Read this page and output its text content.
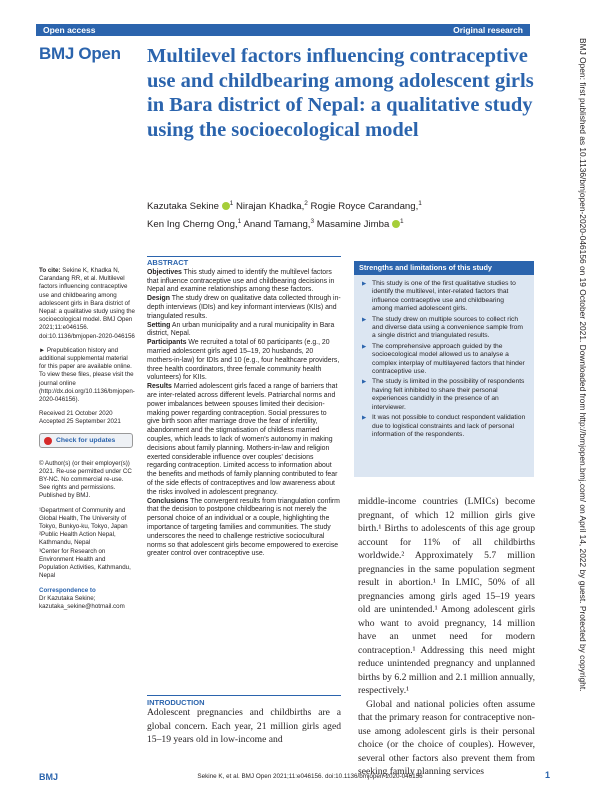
Open access	Original research
BMJ Open Multilevel factors influencing contraceptive use and childbearing among adolescent girls in Bara district of Nepal: a qualitative study using the socioecological model
Kazutaka Sekine $^1$ Nirajan Khadka,$^2$ Rogie Royce Carandang,$^1$
Ken Ing Cherng Ong,$^1$ Anand Tamang,$^3$ Masamine Jimba $^1$

To cite: Sekine K, Khadka N, Carandang RR, et al. Multilevel factors influencing contraceptive use and childbearing among adolescent girls in Bara district of Nepal: a qualitative study using the socioecological model. BMJ Open 2021;11:e046156. doi:10.1136/bmjopen-2020-046156

► Prepublication history and additional supplemental material for this paper are available online. To view these files, please visit the journal online (http://dx.doi.org/10.1136/bmjopen-2020-046156).

Received 21 October 2020
Accepted 25 September 2021

Check for updates

© Author(s) (or their employer(s)) 2021. Re-use permitted under CC BY-NC. No commercial re-use. See rights and permissions. Published by BMJ.

¹Department of Community and Global Health, The University of Tokyo, Bunkyo-ku, Tokyo, Japan
²Public Health Action Nepal, Kathmandu, Nepal
³Center for Research on Environment Health and Population Activities, Kathmandu, Nepal

Correspondence to
Dr Kazutaka Sekine;
kazutaka_sekine@hotmail.com

ABSTRACT

Objectives This study aimed to identify the multilevel factors that influence contraceptive use and childbearing decisions in Nepal and examine relationships among these factors.

Design The study drew on qualitative data collected through in-depth interviews (IDIs) and key informant interviews (KIIs) and triangulated results.

Setting An urban municipality and a rural municipality in Bara district, Nepal.

Participants We recruited a total of 60 participants (e.g., 20 married adolescent girls aged 15–19, 20 husbands, 20 mothers-in-law) for IDIs and 10 (e.g., four healthcare providers, three health coordinators, three female community health volunteers) for KIIs.

Results Married adolescent girls faced a range of barriers that are inter-related across different levels. Patriarchal norms and power imbalances between spouses limited their decision-making power regarding contraception. Social pressures to give birth soon after marriage drove the fear of infertility, abandonment and the stigmatisation of childless married couples, which leads to lack of women's autonomy in making decisions about family planning. Mothers-in-law and religion exerted considerable influence over couples' decisions regarding contraception. Limited access to information about the benefits and methods of family planning contributed to fear of the side effects of contraceptives and low awareness about the risks involved in adolescent pregnancy.

Conclusions The convergent results from triangulation confirm that the decision to postpone childbearing is not merely the personal choice of an individual or a couple, highlighting the importance of targeting families and communities. The study underscores the need to challenge restrictive sociocultural norms so that adolescent girls become empowered to exercise greater control over contraceptive use.

Strengths and limitations of this study
▶ This study is one of the first qualitative studies to identify the multilevel, inter-related factors that influence contraceptive use and childbearing among married adolescent girls.
▶ The study drew on multiple sources to collect rich and diverse data using a convenience sample from a single district and triangulated results.
▶ The comprehensive approach guided by the socioecological model allowed us to analyse a complex interplay of multilayered factors that hinder contraceptive use.
▶ The study is limited in the possibility of respondents having felt inhibited to share their personal experiences candidly in the presence of an interviewer.
▶ It was not possible to conduct respondent validation due to logistical constraints and lack of personal information of the respondents.

middle-income countries (LMICs) become pregnant, of which 12 million girls give birth.¹ Births to adolescents of this age group account for 11% of all childbirths worldwide.² Approximately 5.7 million pregnancies in the same population segment result in abortion.¹ In LMIC, 50% of all pregnancies among girls aged 15–19 years old are unintended.¹ Among adolescent girls who want to avoid pregnancy, 14 million have an unmet need for modern contraception.¹ Addressing this need might reduce unintended pregnancy and unplanned births by 6.2 million and 2.1 million annually, respectively.¹

Global and national policies often assume that the primary reason for contraceptive non-use among adolescent girls is their personal choice (or the choice of couples). However, several other factors also prevent them from seeking family planning services

INTRODUCTION

Adolescent pregnancies and childbirths are a global concern. Each year, 21 million girls aged 15–19 years old in low-income and

BMJ Open: first published as 10.1136/bmjopen-2020-046156 on 19 October 2021. Downloaded from http://bmjopen.bmj.com/ on April 14, 2022 by guest. Protected by copyright.
BMJ	Sekine K, et al. BMJ Open 2021;11:e046156. doi:10.1136/bmjopen-2020-046156	1
